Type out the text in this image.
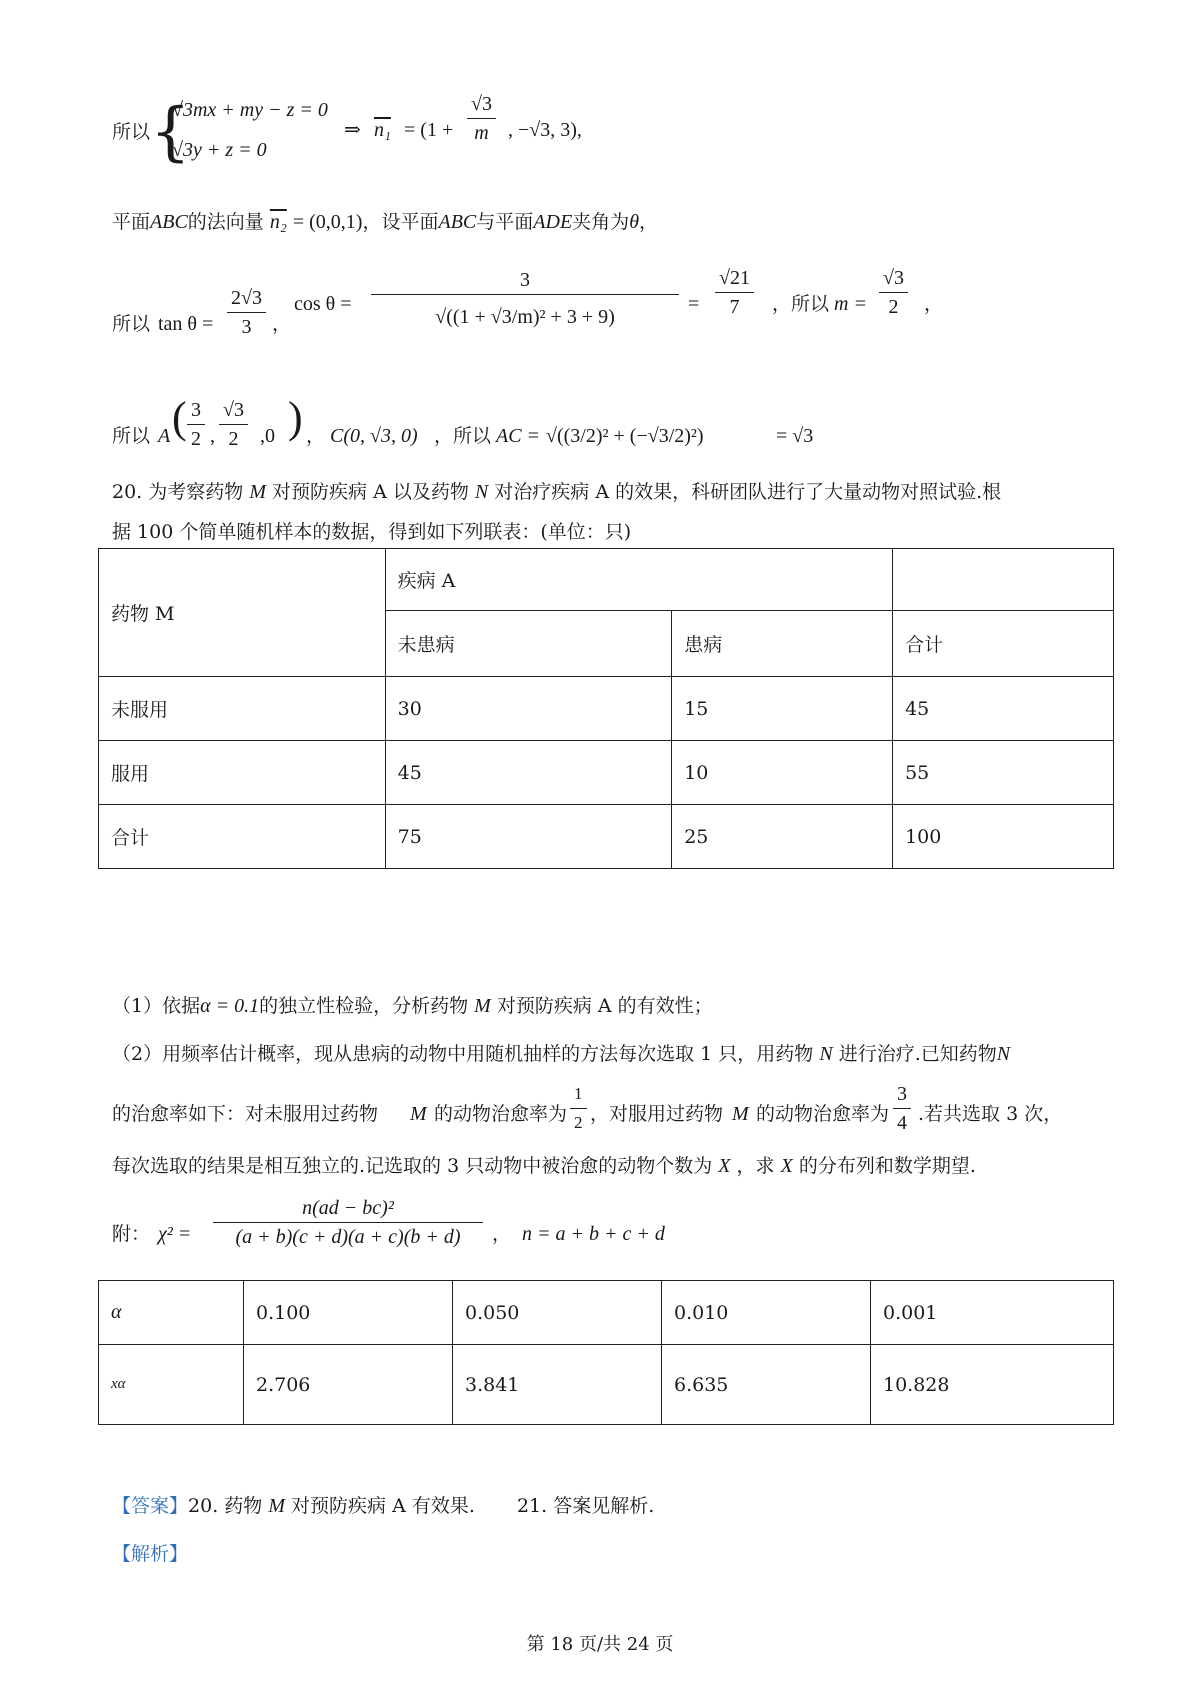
所以 {
√3mx + my − z = 0
√3y + z = 0
⇒ $n_1 = (1 + \frac{√3}{m}$ , −√3, 3),
平面ABC的法向量 n₂ = (0,0,1)，设平面ABC与平面ADE夹角为θ，
所以 $\tan \theta = \frac{2√3}{3}$ ，
$\cos \theta = \frac{3}{\text{√((1 + √3/m)² + 3 + 9)}} = \frac{√21}{7}$ ，所以 $m = \frac{√3}{2}$ ，
所以 A ( $\frac{3}{2}$ , $\frac{√3}{2} ,0$ ) ， C(0, √3, 0) ，所以 AC = √((3/2)² + (−√3/2)²)	= √3
20. 为考察药物 M 对预防疾病 A 以及药物 N 对治疗疾病 A 的效果，科研团队进行了大量动物对照试验.根
据 100 个简单随机样本的数据，得到如下列联表：(单位：只)
药物 M	疾病 A		
	未患病	患病	合计
未服用	30	15	45
服用	45	10	55
合计	75	25	100
（1）依据α = 0.1的独立性检验，分析药物 M 对预防疾病 A 的有效性；
（2）用频率估计概率，现从患病的动物中用随机抽样的方法每次选取 1 只，用药物 N 进行治疗.已知药物N
的治愈率如下：对未服用过药物 M 的动物治愈率为 $\frac{1}{2}$ ，对服用过药物 M 的动物治愈率为 $\frac{3}{4}$ .若共选取 3 次，
每次选取的结果是相互独立的.记选取的 3 只动物中被治愈的动物个数为 X ，求 X 的分布列和数学期望.
附： $\chi^2 = \frac{\text{n(ad − bc)²}}{(a + b)(c + d)(a + c)(b + d)}$ ， n = a + b + c + d
α	0.100	0.050	0.010	0.001
xα	2.706	3.841	6.635	10.828
【答案】20. 药物 M 对预防疾病 A 有效果. 21. 答案见解析.
【解析】
第 18 页/共 24 页
